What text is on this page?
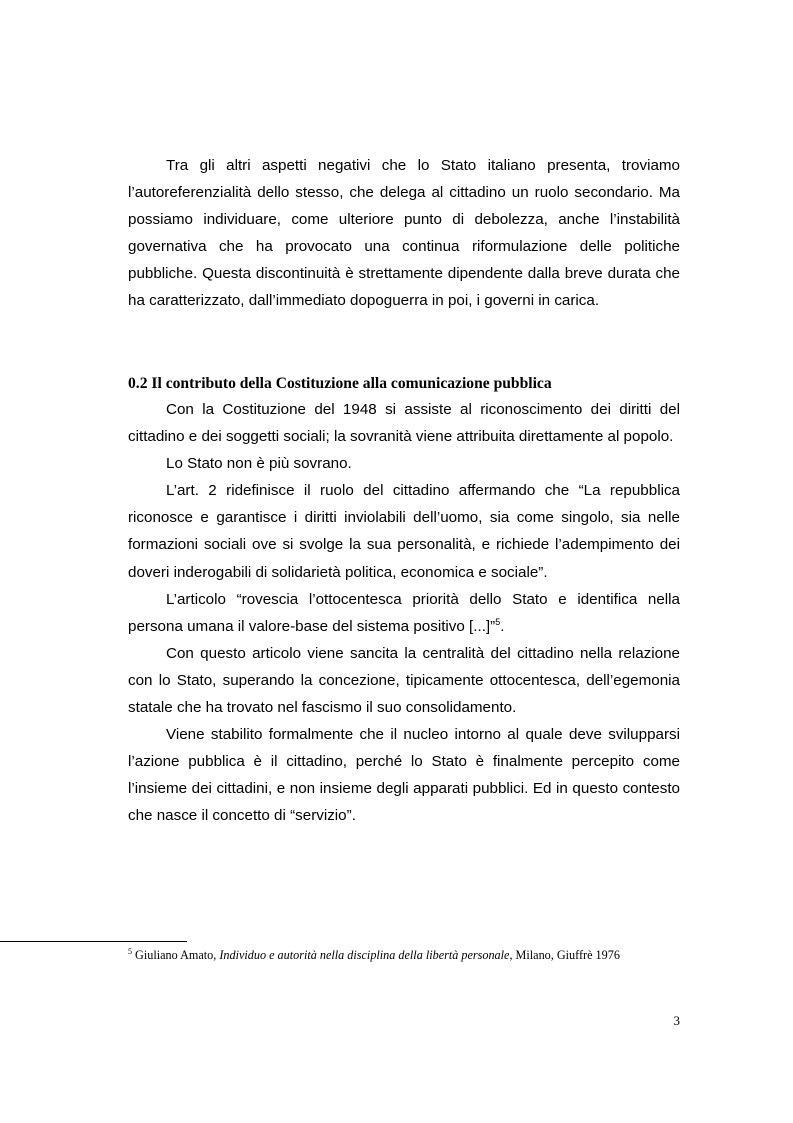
Tra gli altri aspetti negativi che lo Stato italiano presenta, troviamo l’autoreferenzialità dello stesso, che delega al cittadino un ruolo secondario. Ma possiamo individuare, come ulteriore punto di debolezza, anche l’instabilità governativa che ha provocato una continua riformulazione delle politiche pubbliche. Questa discontinuità è strettamente dipendente dalla breve durata che ha caratterizzato, dall’immediato dopoguerra in poi, i governi in carica.

0.2 Il contributo della Costituzione alla comunicazione pubblica

Con la Costituzione del 1948 si assiste al riconoscimento dei diritti del cittadino e dei soggetti sociali; la sovranità viene attribuita direttamente al popolo.

Lo Stato non è più sovrano.

L’art. 2 ridefinisce il ruolo del cittadino affermando che “La repubblica riconosce e garantisce i diritti inviolabili dell’uomo, sia come singolo, sia nelle formazioni sociali ove si svolge la sua personalità, e richiede l’adempimento dei doveri inderogabili di solidarietà politica, economica e sociale”.

L’articolo “rovescia l’ottocentesca priorità dello Stato e identifica nella persona umana il valore-base del sistema positivo [...]”$^5$.

Con questo articolo viene sancita la centralità del cittadino nella relazione con lo Stato, superando la concezione, tipicamente ottocentesca, dell’egemonia statale che ha trovato nel fascismo il suo consolidamento.

Viene stabilito formalmente che il nucleo intorno al quale deve svilupparsi l’azione pubblica è il cittadino, perché lo Stato è finalmente percepito come l’insieme dei cittadini, e non insieme degli apparati pubblici. Ed in questo contesto che nasce il concetto di “servizio”.

$^5$ Giuliano Amato, Individuo e autorità nella disciplina della libertà personale, Milano, Giuffrè 1976

3
